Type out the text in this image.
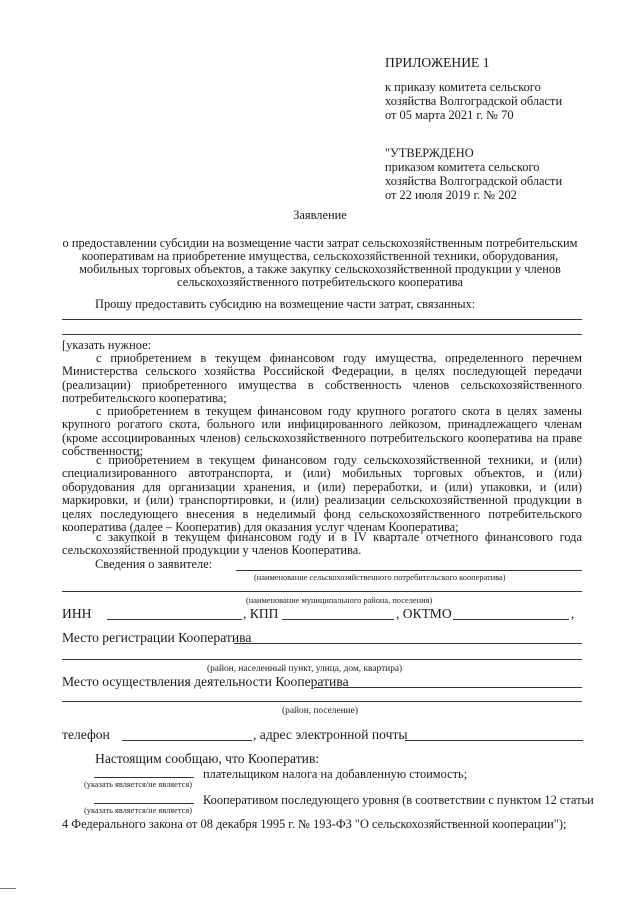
ПРИЛОЖЕНИЕ 1
к приказу комитета сельского
хозяйства Волгоградской области
от 05 марта 2021 г. № 70
"УТВЕРЖДЕНО
приказом комитета сельского
хозяйства Волгоградской области
от 22 июля 2019 г. № 202
Заявление
о предоставлении субсидии на возмещение части затрат сельскохозяйственным потребительским
кооперативам на приобретение имущества, сельскохозяйственной техники, оборудования,
мобильных торговых объектов, а также закупку сельскохозяйственной продукции у членов
сельскохозяйственного потребительского кооператива
Прошу предоставить субсидию на возмещение части затрат, связанных:
[указать нужное:
с приобретением в текущем финансовом году имущества, определенного перечнем Министерства сельского хозяйства Российской Федерации, в целях последующей передачи (реализации) приобретенного имущества в собственность членов сельскохозяйственного потребительского кооператива;
с приобретением в текущем финансовом году крупного рогатого скота в целях замены крупного рогатого скота, больного или инфицированного лейкозом, принадлежащего членам (кроме ассоциированных членов) сельскохозяйственного потребительского кооператива на праве собственности;
с приобретением в текущем финансовом году сельскохозяйственной техники, и (или) специализированного автотранспорта, и (или) мобильных торговых объектов, и (или) оборудования для организации хранения, и (или) переработки, и (или) упаковки, и (или) маркировки, и (или) транспортировки, и (или) реализации сельскохозяйственной продукции в целях последующего внесения в неделимый фонд сельскохозяйственного потребительского кооператива (далее – Кооператив) для оказания услуг членам Кооператива;
с закупкой в текущем финансовом году и в IV квартале отчетного финансового года сельскохозяйственной продукции у членов Кооператива.
Сведения о заявителе:
(наименование сельскохозяйственного потребительского кооператива)
(наименование муниципального района, поселения)
ИНН	, КПП	, ОКТМО	,
Место регистрации Кооператива
(район, населенный пункт, улица, дом, квартира)
Место осуществления деятельности Кооператива
(район, поселение)
телефон	, адрес электронной почты
Настоящим сообщаю, что Кооператив:
плательщиком налога на добавленную стоимость;
(указать является/не является)
Кооперативом последующего уровня (в соответствии с пунктом 12 статьи
(указать является/не является)
4 Федерального закона от 08 декабря 1995 г. № 193-ФЗ "О сельскохозяйственной кооперации");
